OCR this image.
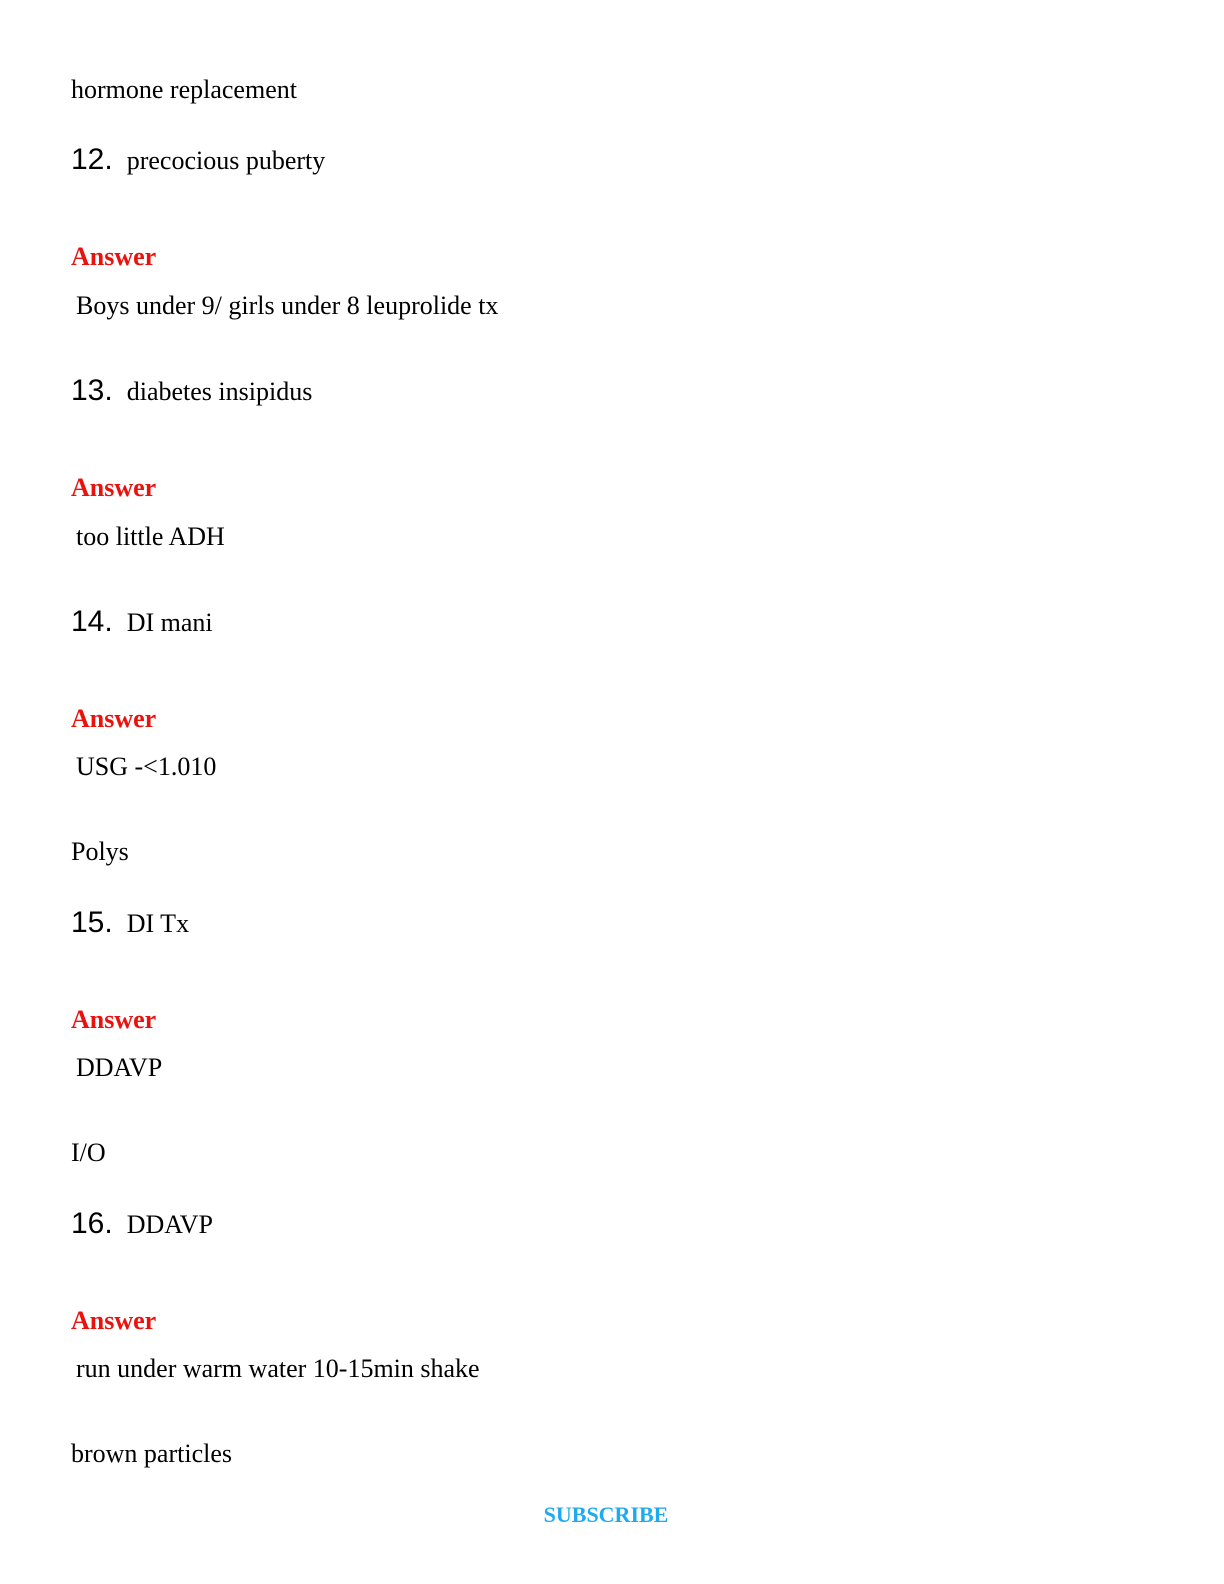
hormone replacement
12. precocious puberty
Answer
Boys under 9/ girls under 8 leuprolide tx
13. diabetes insipidus
Answer
too little ADH
14. DI mani
Answer
USG -<1.010
Polys
15. DI Tx
Answer
DDAVP
I/O
16. DDAVP
Answer
run under warm water 10-15min shake
brown particles
SUBSCRIBE
